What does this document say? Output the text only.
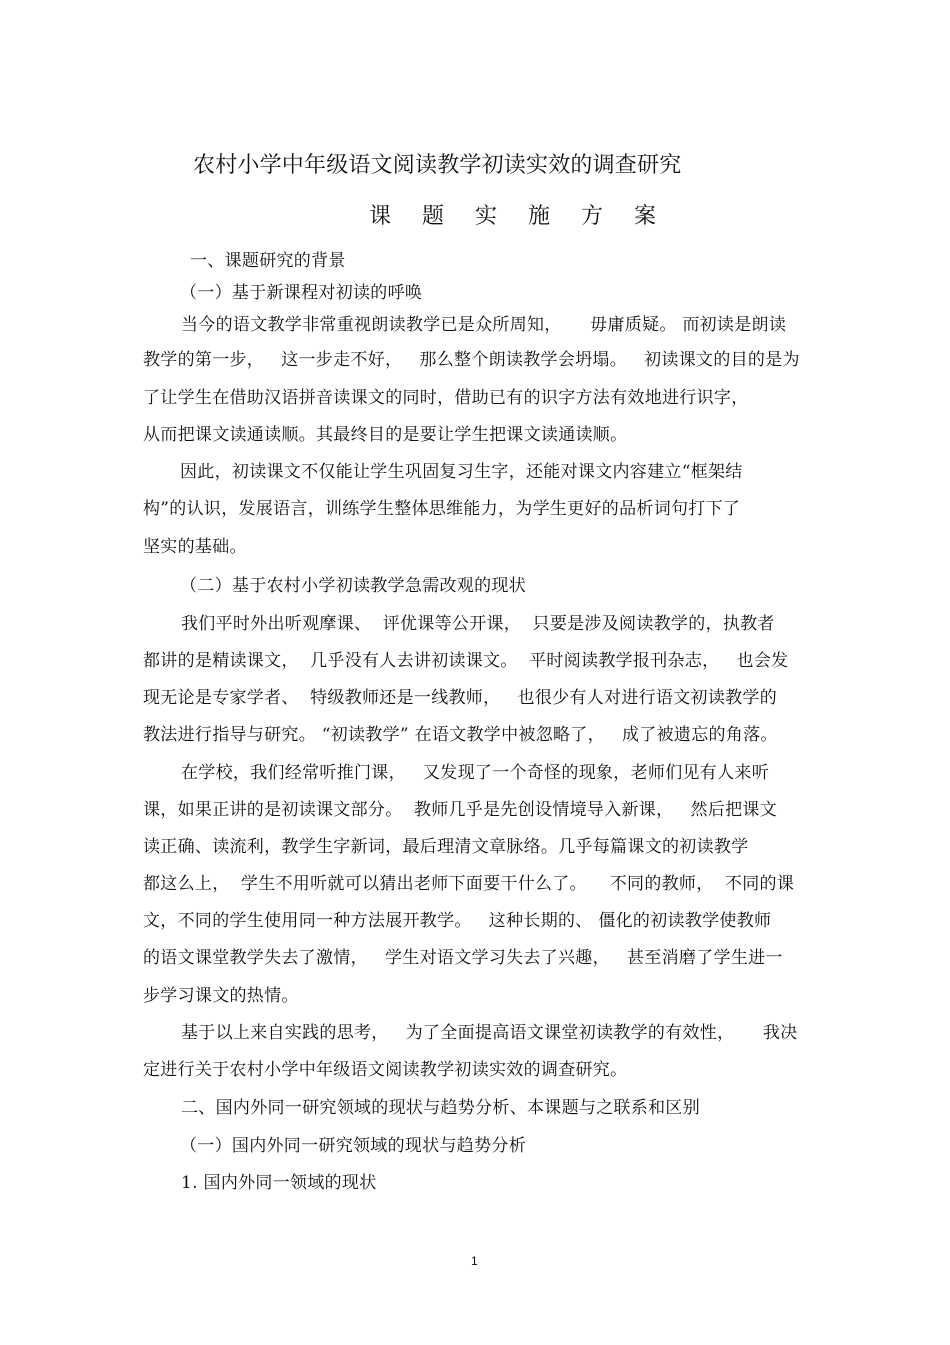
农村小学中年级语文阅读教学初读实效的调查研究
课 题 实 施 方 案
一、课题研究的背景
（一）基于新课程对初读的呼唤
当今的语文教学非常重视朗读教学已是众所周知，     毋庸质疑。 而初读是朗读
教学的第一步，   这一步走不好，   那么整个朗读教学会坍塌。   初读课文的目的是为
了让学生在借助汉语拼音读课文的同时，借助已有的识字方法有效地进行识字，
从而把课文读通读顺。其最终目的是要让学生把课文读通读顺。
因此，初读课文不仅能让学生巩固复习生字，还能对课文内容建立“框架结
构”的认识，发展语言，训练学生整体思维能力，为学生更好的品析词句打下了
坚实的基础。
（二）基于农村小学初读教学急需改观的现状
我们平时外出听观摩课、  评优课等公开课，  只要是涉及阅读教学的，执教者
都讲的是精读课文，  几乎没有人去讲初读课文。  平时阅读教学报刊杂志，   也会发
现无论是专家学者、  特级教师还是一线教师，   也很少有人对进行语文初读教学的
教法进行指导与研究。 “初读教学” 在语文教学中被忽略了，   成了被遗忘的角落。
在学校，我们经常听推门课，   又发现了一个奇怪的现象，老师们见有人来听
课，如果正讲的是初读课文部分。  教师几乎是先创设情境导入新课，   然后把课文
读正确、读流利，教学生字新词，最后理清文章脉络。几乎每篇课文的初读教学
都这么上，  学生不用听就可以猜出老师下面要干什么了。    不同的教师，  不同的课
文，不同的学生使用同一种方法展开教学。   这种长期的、 僵化的初读教学使教师
的语文课堂教学失去了激情，   学生对语文学习失去了兴趣，   甚至消磨了学生进一
步学习课文的热情。
基于以上来自实践的思考，   为了全面提高语文课堂初读教学的有效性，     我决
定进行关于农村小学中年级语文阅读教学初读实效的调查研究。
二、国内外同一研究领域的现状与趋势分析、本课题与之联系和区别
（一）国内外同一研究领域的现状与趋势分析
1. 国内外同一领域的现状
1
